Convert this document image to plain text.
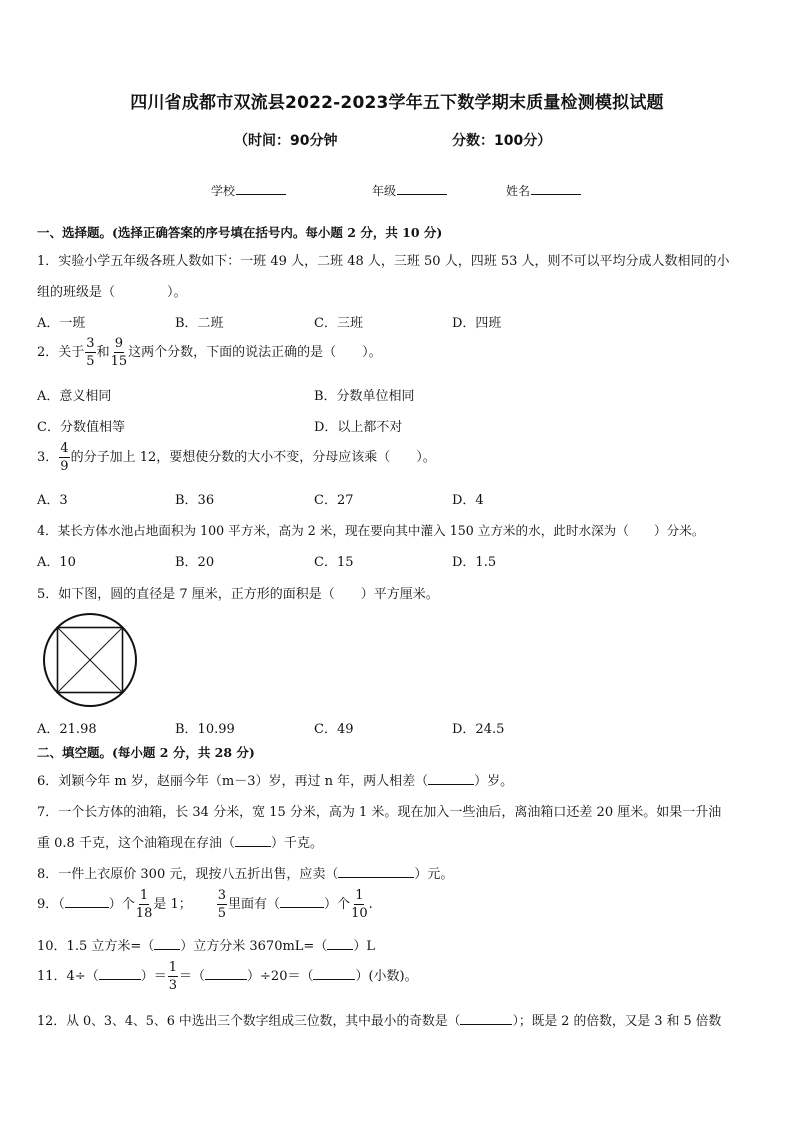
四川省成都市双流县2022-2023学年五下数学期末质量检测模拟试题
（时间：90分钟	分数：100分）
学校	年级	姓名
一、选择题。(选择正确答案的序号填在括号内。每小题 2 分，共 10 分)
1．实验小学五年级各班人数如下：一班 49 人，二班 48 人，三班 50 人，四班 53 人，则不可以平均分成人数相同的小
组的班级是（　　　　）。
A．一班	B．二班	C．三班	D．四班
2．关于 $\frac{3}{5}$ 和 $\frac{9}{15}$ 这两个分数，下面的说法正确的是（　　）。
A．意义相同	B．分数单位相同
C．分数值相等	D．以上都不对
3． $\frac{4}{9}$ 的分子加上 12，要想使分数的大小不变，分母应该乘（　　）。
A．3	B．36	C．27	D．4
4．某长方体水池占地面积为 100 平方米，高为 2 米，现在要向其中灌入 150 立方米的水，此时水深为（　　）分米。
A．10	B．20	C．15	D．1.5
5．如下图，圆的直径是 7 厘米，正方形的面积是（　　）平方厘米。
A．21.98	B．10.99	C．49	D．24.5
二、填空题。(每小题 2 分，共 28 分)
6．刘颖今年 m 岁，赵丽今年（m－3）岁，再过 n 年，两人相差（	）岁。
7．一个长方体的油箱，长 34 分米，宽 15 分米，高为 1 米。现在加入一些油后，离油箱口还差 20 厘米。如果一升油
重 0.8 千克，这个油箱现在存油（	）千克。
8．一件上衣原价 300 元，现按八五折出售，应卖（	）元。
9．（	）个 $\frac{1}{18}$ 是 1； $\frac{3}{5}$ 里面有（	）个 $\frac{1}{10}$ .
10．1.5 立方米=（ ）立方分米 3670mL=（ ）L
11．4÷（	）＝ $\frac{1}{3}$ ＝（	）÷20＝（	）(小数)。
12．从 0、3、4、5、6 中选出三个数字组成三位数，其中最小的奇数是（	）；既是 2 的倍数，又是 3 和 5 倍数
